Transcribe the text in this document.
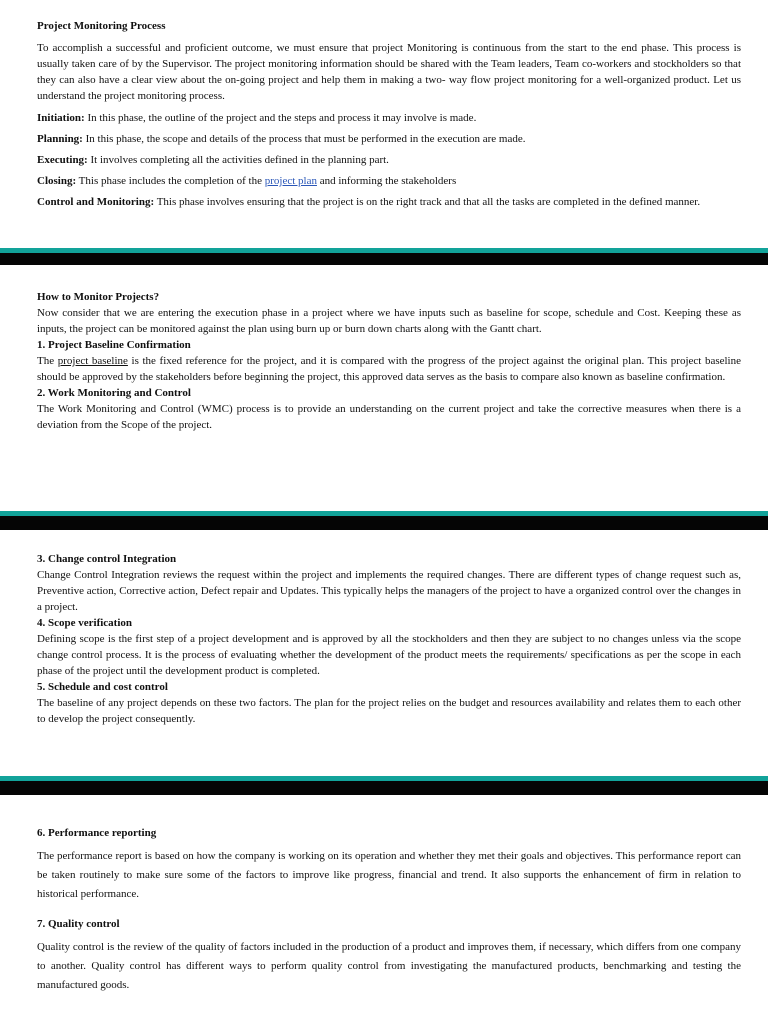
Project Monitoring Process

To accomplish a successful and proficient outcome, we must ensure that project Monitoring is continuous from the start to the end phase. This process is usually taken care of by the Supervisor. The project monitoring information should be shared with the Team leaders, Team co-workers and stockholders so that they can also have a clear view about the on-going project and help them in making a two- way flow project monitoring for a well-organized product. Let us understand the project monitoring process.

Initiation: In this phase, the outline of the project and the steps and process it may involve is made.

Planning: In this phase, the scope and details of the process that must be performed in the execution are made.

Executing: It involves completing all the activities defined in the planning part.

Closing: This phase includes the completion of the project plan and informing the stakeholders

Control and Monitoring: This phase involves ensuring that the project is on the right track and that all the tasks are completed in the defined manner.

How to Monitor Projects?

Now consider that we are entering the execution phase in a project where we have inputs such as baseline for scope, schedule and Cost. Keeping these as inputs, the project can be monitored against the plan using burn up or burn down charts along with the Gantt chart.

1. Project Baseline Confirmation

The project baseline is the fixed reference for the project, and it is compared with the progress of the project against the original plan. This project baseline should be approved by the stakeholders before beginning the project, this approved data serves as the basis to compare also known as baseline confirmation.

2. Work Monitoring and Control

The Work Monitoring and Control (WMC) process is to provide an understanding on the current project and take the corrective measures when there is a deviation from the Scope of the project.

3. Change control Integration

Change Control Integration reviews the request within the project and implements the required changes. There are different types of change request such as, Preventive action, Corrective action, Defect repair and Updates. This typically helps the managers of the project to have a organized control over the changes in a project.

4. Scope verification

Defining scope is the first step of a project development and is approved by all the stockholders and then they are subject to no changes unless via the scope change control process. It is the process of evaluating whether the development of the product meets the requirements/ specifications as per the scope in each phase of the project until the development product is completed.

5. Schedule and cost control

The baseline of any project depends on these two factors. The plan for the project relies on the budget and resources availability and relates them to each other to develop the project consequently.

6. Performance reporting

The performance report is based on how the company is working on its operation and whether they met their goals and objectives. This performance report can be taken routinely to make sure some of the factors to improve like progress, financial and trend. It also supports the enhancement of firm in relation to historical performance.

7. Quality control

Quality control is the review of the quality of factors included in the production of a product and improves them, if necessary, which differs from one company to another. Quality control has different ways to perform quality control from investigating the manufactured products, benchmarking and testing the manufactured goods.
